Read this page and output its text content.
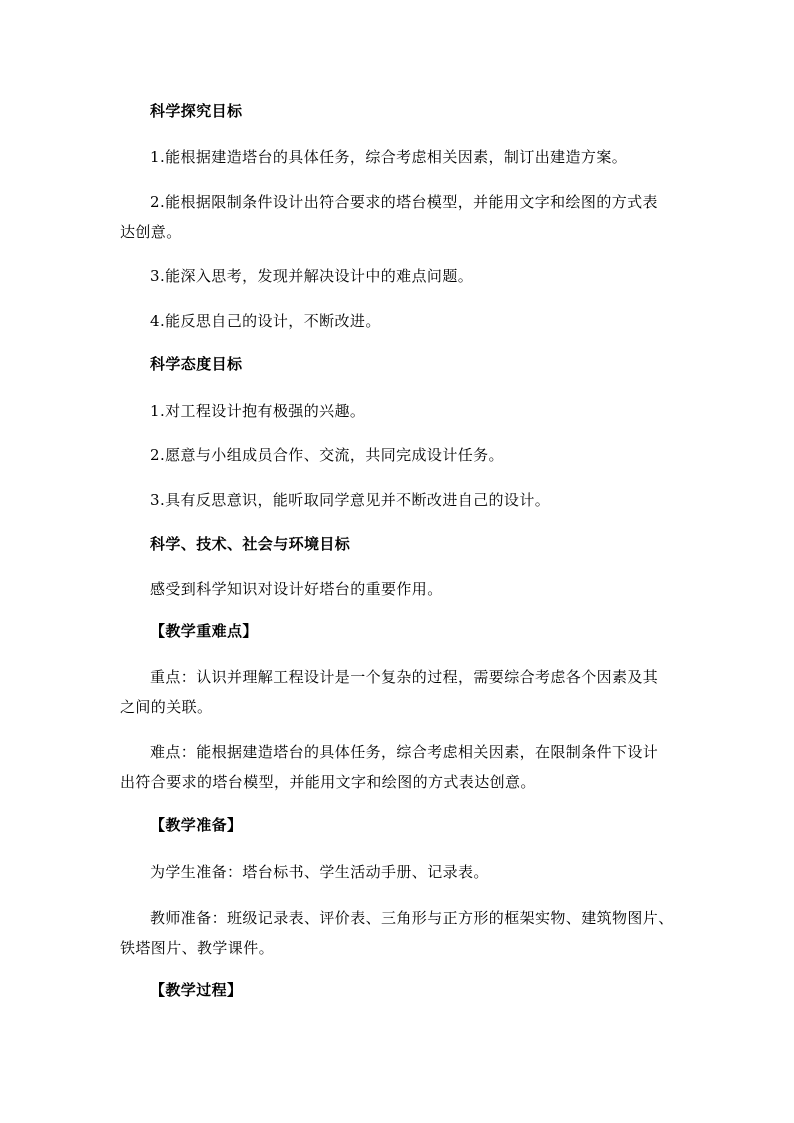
科学探究目标
1.能根据建造塔台的具体任务，综合考虑相关因素，制订出建造方案。
2.能根据限制条件设计出符合要求的塔台模型，并能用文字和绘图的方式表
达创意。
3.能深入思考，发现并解决设计中的难点问题。
4.能反思自己的设计，不断改进。
科学态度目标
1.对工程设计抱有极强的兴趣。
2.愿意与小组成员合作、交流，共同完成设计任务。
3.具有反思意识，能听取同学意见并不断改进自己的设计。
科学、技术、社会与环境目标
感受到科学知识对设计好塔台的重要作用。
【教学重难点】
重点：认识并理解工程设计是一个复杂的过程，需要综合考虑各个因素及其
之间的关联。
难点：能根据建造塔台的具体任务，综合考虑相关因素，在限制条件下设计
出符合要求的塔台模型，并能用文字和绘图的方式表达创意。
【教学准备】
为学生准备：塔台标书、学生活动手册、记录表。
教师准备：班级记录表、评价表、三角形与正方形的框架实物、建筑物图片、
铁塔图片、教学课件。
【教学过程】
